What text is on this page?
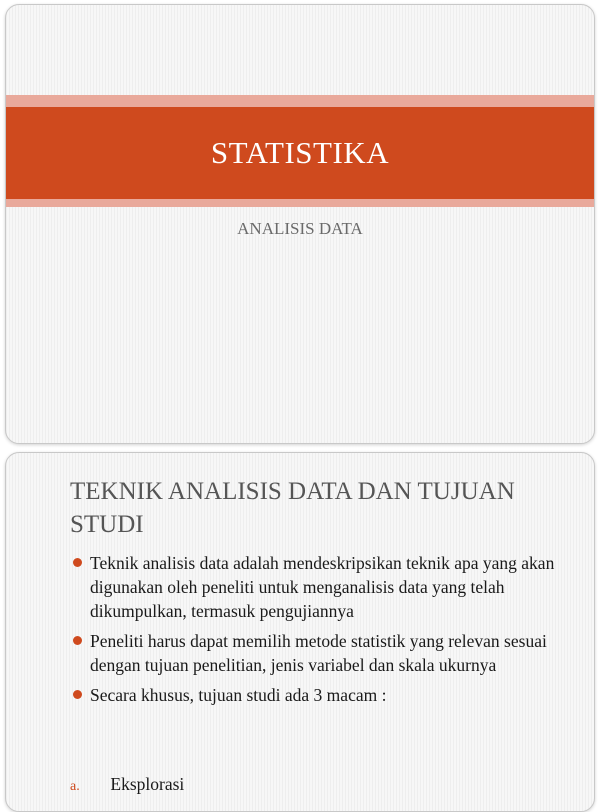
STATISTIKA
ANALISIS DATA
TEKNIK ANALISIS DATA DAN TUJUAN STUDI
Teknik analisis data adalah mendeskripsikan teknik apa yang akan digunakan oleh peneliti untuk menganalisis data yang telah dikumpulkan, termasuk pengujiannya
Peneliti harus dapat memilih metode statistik yang relevan sesuai dengan tujuan penelitian, jenis variabel dan skala ukurnya
Secara khusus, tujuan studi ada 3 macam :
a. Eksplorasi
